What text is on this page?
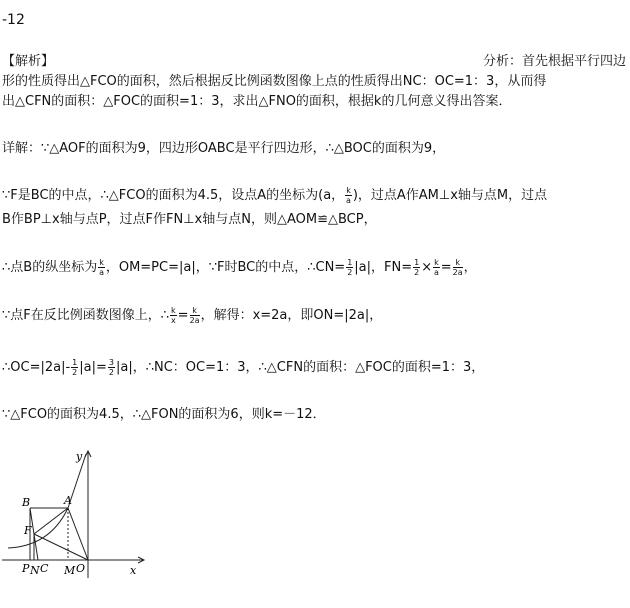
-12
【解析】	分析：首先根据平行四边
形的性质得出△FCO的面积，然后根据反比例函数图像上点的性质得出NC：OC=1：3，从而得
出△CFN的面积：△FOC的面积=1：3，求出△FNO的面积，根据k的几何意义得出答案．
详解：∵△AOF的面积为9，四边形OABC是平行四边形，∴△BOC的面积为9，
∵F是BC的中点，∴△FCO的面积为4.5，设点A的坐标为(a， $\frac{k}{a}$ )，过点A作AM⊥x轴与点M，过点
B作BP⊥x轴与点P，过点F作FN⊥x轴与点N，则△AOM≌△BCP，
∴点B的纵坐标为 $\frac{k}{a}$ ，OM=PC=|a|，∵F时BC的中点，∴CN= $\frac{1}{2} |a|$，$FN= \frac{1}{2} \times \frac{k}{a} = \frac{k}{2a}$ ，
∵点F在反比例函数图像上，∴ $\frac{k}{x} = \frac{k}{2a}$ ，解得：x=2a，即ON=|2a|，
∴OC=|2a|- $\frac{1}{2} |a|= \frac{3}{2} |a|$，∴NC：OC=1：3，∴△CFN的面积：△FOC的面积=1：3，
∵△FCO的面积为4.5，∴△FON的面积为6，则k=－12．
y
x
B	A
F
P N C M O
